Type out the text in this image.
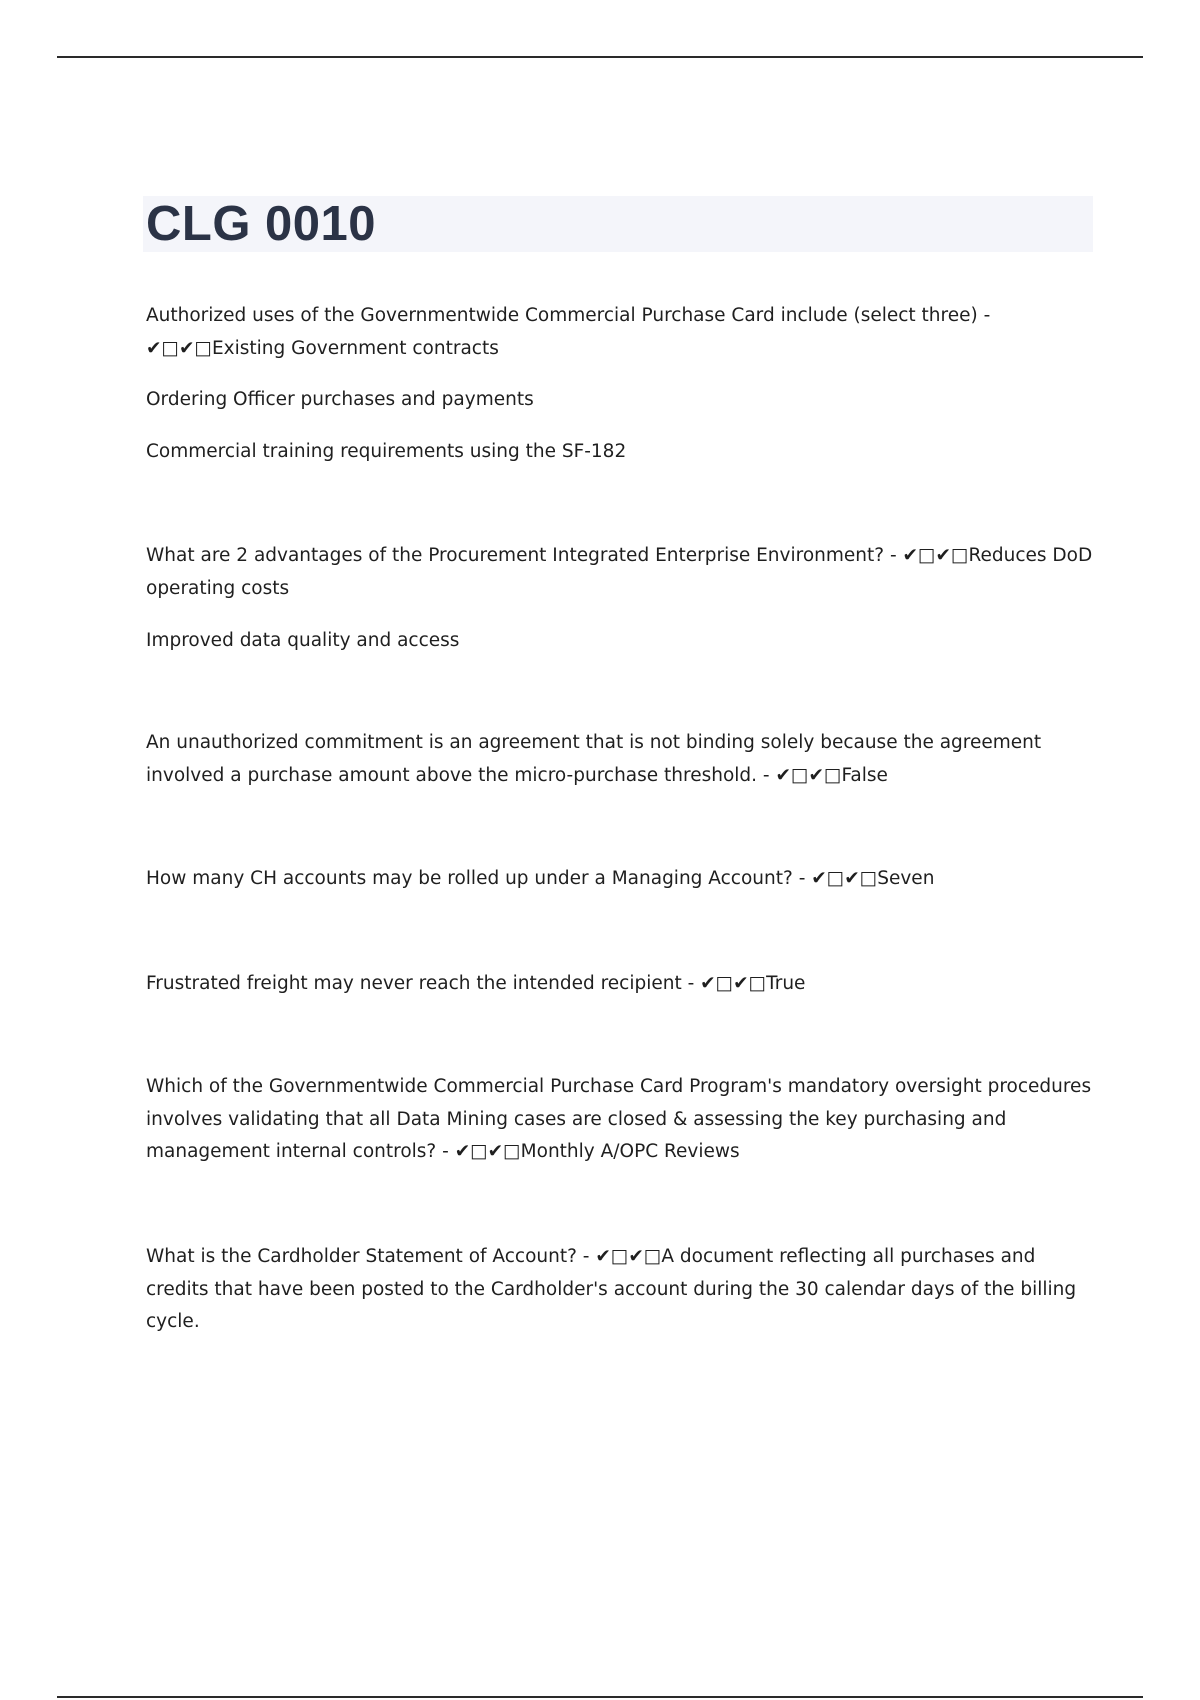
CLG 0010

Authorized uses of the Governmentwide Commercial Purchase Card include (select three) -
✔□✔□Existing Government contracts

Ordering Officer purchases and payments

Commercial training requirements using the SF-182

What are 2 advantages of the Procurement Integrated Enterprise Environment? - ✔□✔□Reduces DoD operating costs

Improved data quality and access

An unauthorized commitment is an agreement that is not binding solely because the agreement involved a purchase amount above the micro-purchase threshold. - ✔□✔□False

How many CH accounts may be rolled up under a Managing Account? - ✔□✔□Seven

Frustrated freight may never reach the intended recipient - ✔□✔□True

Which of the Governmentwide Commercial Purchase Card Program's mandatory oversight procedures involves validating that all Data Mining cases are closed & assessing the key purchasing and management internal controls? - ✔□✔□Monthly A/OPC Reviews

What is the Cardholder Statement of Account? - ✔□✔□A document reflecting all purchases and credits that have been posted to the Cardholder's account during the 30 calendar days of the billing cycle.
